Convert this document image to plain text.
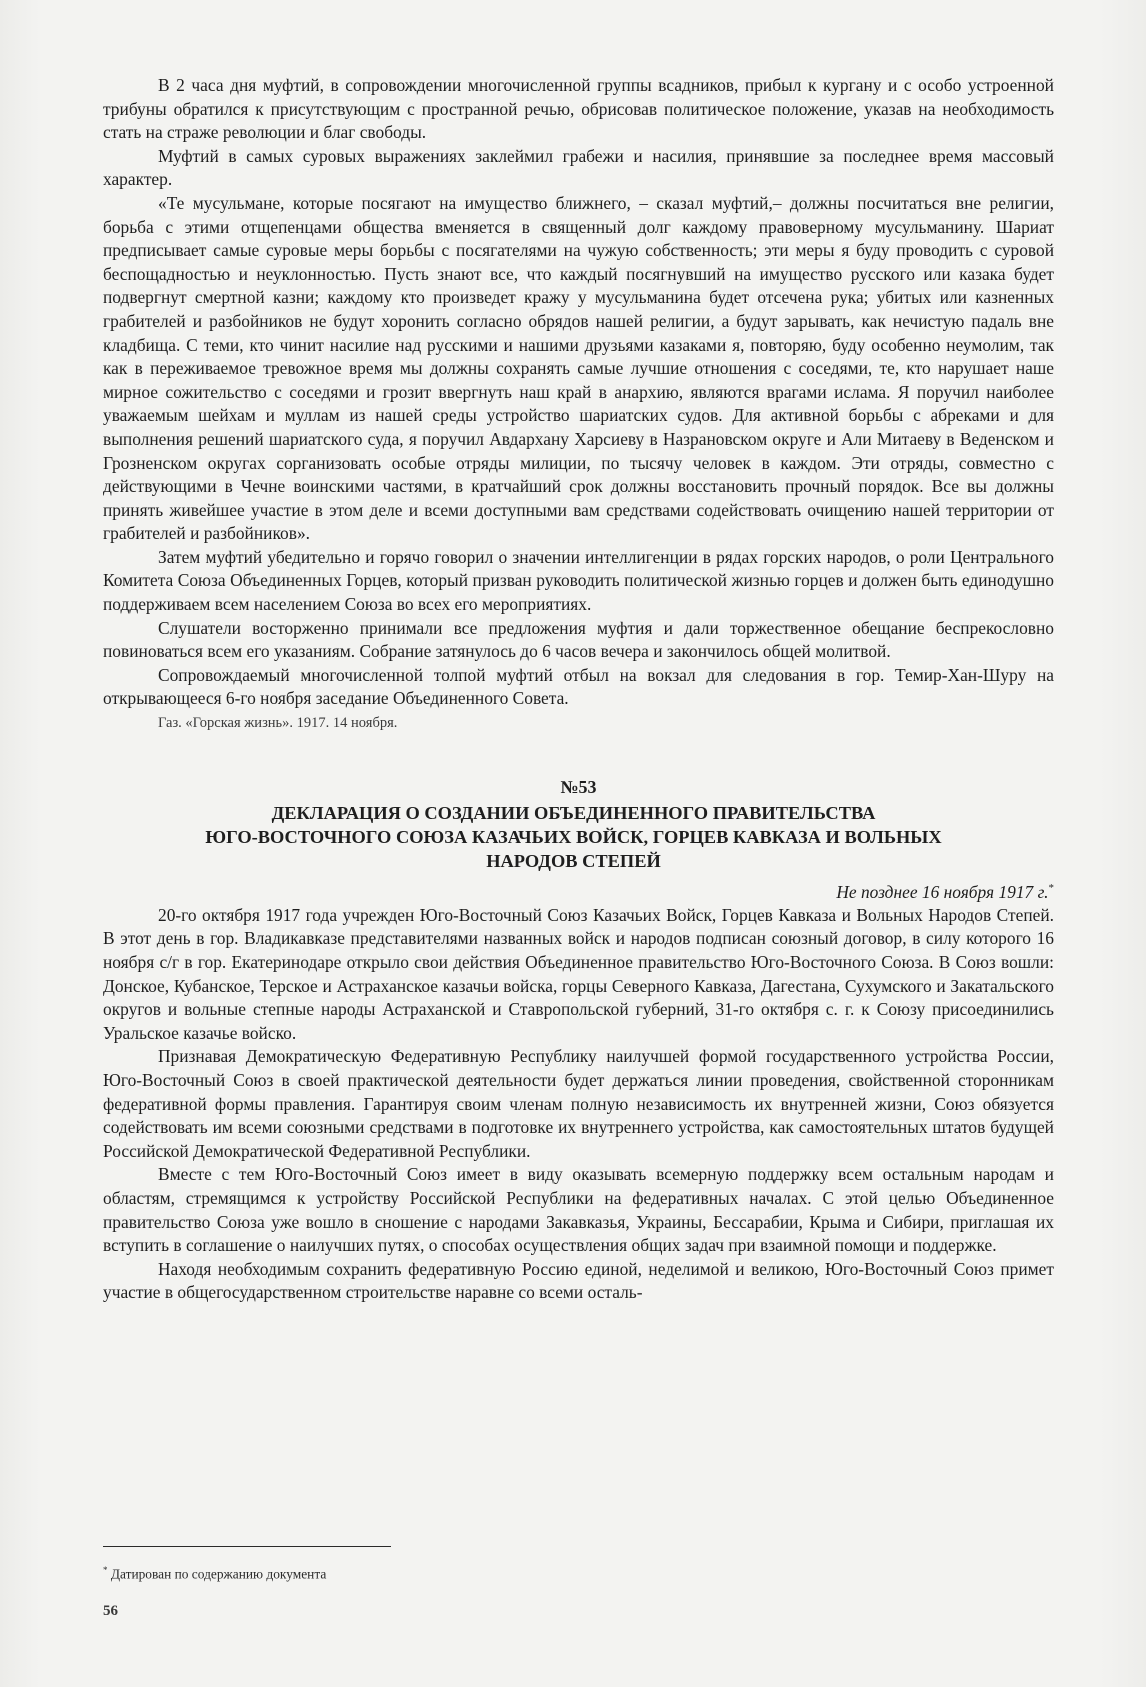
В 2 часа дня муфтий, в сопровождении многочисленной группы всадников, прибыл к кургану и с особо устроенной трибуны обратился к присутствующим с пространной речью, обрисовав политическое положение, указав на необходимость стать на страже революции и благ свободы.

Муфтий в самых суровых выражениях заклеймил грабежи и насилия, принявшие за последнее время массовый характер.

«Те мусульмане, которые посягают на имущество ближнего, – сказал муфтий,– должны посчитаться вне религии, борьба с этими отщепенцами общества вменяется в священный долг каждому правоверному мусульманину. Шариат предписывает самые суровые меры борьбы с посягателями на чужую собственность; эти меры я буду проводить с суровой беспощадностью и неуклонностью. Пусть знают все, что каждый посягнувший на имущество русского или казака будет подвергнут смертной казни; каждому кто произведет кражу у мусульманина будет отсечена рука; убитых или казненных грабителей и разбойников не будут хоронить согласно обрядов нашей религии, а будут зарывать, как нечистую падаль вне кладбища. С теми, кто чинит насилие над русскими и нашими друзьями казаками я, повторяю, буду особенно неумолим, так как в переживаемое тревожное время мы должны сохранять самые лучшие отношения с соседями, те, кто нарушает наше мирное сожительство с соседями и грозит ввергнуть наш край в анархию, являются врагами ислама. Я поручил наиболее уважаемым шейхам и муллам из нашей среды устройство шариатских судов. Для активной борьбы с абреками и для выполнения решений шариатского суда, я поручил Авдархану Харсиеву в Назрановском округе и Али Митаеву в Веденском и Грозненском округах сорганизовать особые отряды милиции, по тысячу человек в каждом. Эти отряды, совместно с действующими в Чечне воинскими частями, в кратчайший срок должны восстановить прочный порядок. Все вы должны принять живейшее участие в этом деле и всеми доступными вам средствами содействовать очищению нашей территории от грабителей и разбойников».

Затем муфтий убедительно и горячо говорил о значении интеллигенции в рядах горских народов, о роли Центрального Комитета Союза Объединенных Горцев, который призван руководить политической жизнью горцев и должен быть единодушно поддерживаем всем населением Союза во всех его мероприятиях.

Слушатели восторженно принимали все предложения муфтия и дали торжественное обещание беспрекословно повиноваться всем его указаниям. Собрание затянулось до 6 часов вечера и закончилось общей молитвой.

Сопровождаемый многочисленной толпой муфтий отбыл на вокзал для следования в гор. Темир-Хан-Шуру на открывающееся 6-го ноября заседание Объединенного Совета.

Газ. «Горская жизнь». 1917. 14 ноября.
№53
ДЕКЛАРАЦИЯ О СОЗДАНИИ ОБЪЕДИНЕННОГО ПРАВИТЕЛЬСТВА
ЮГО-ВОСТОЧНОГО СОЮЗА КАЗАЧЬИХ ВОЙСК, ГОРЦЕВ КАВКАЗА И ВОЛЬНЫХ
НАРОДОВ СТЕПЕЙ
Не позднее 16 ноября 1917 г.*

20-го октября 1917 года учрежден Юго-Восточный Союз Казачьих Войск, Горцев Кавказа и Вольных Народов Степей. В этот день в гор. Владикавказе представителями названных войск и народов подписан союзный договор, в силу которого 16 ноября с/г в гор. Екатеринодаре открыло свои действия Объединенное правительство Юго-Восточного Союза. В Союз вошли: Донское, Кубанское, Терское и Астраханское казачьи войска, горцы Северного Кавказа, Дагестана, Сухумского и Закатальского округов и вольные степные народы Астраханской и Ставропольской губерний, 31-го октября с. г. к Союзу присоединились Уральское казачье войско.

Признавая Демократическую Федеративную Республику наилучшей формой государственного устройства России, Юго-Восточный Союз в своей практической деятельности будет держаться линии проведения, свойственной сторонникам федеративной формы правления. Гарантируя своим членам полную независимость их внутренней жизни, Союз обязуется содействовать им всеми союзными средствами в подготовке их внутреннего устройства, как самостоятельных штатов будущей Российской Демократической Федеративной Республики.

Вместе с тем Юго-Восточный Союз имеет в виду оказывать всемерную поддержку всем остальным народам и областям, стремящимся к устройству Российской Республики на федеративных началах. С этой целью Объединенное правительство Союза уже вошло в сношение с народами Закавказья, Украины, Бессарабии, Крыма и Сибири, приглашая их вступить в соглашение о наилучших путях, о способах осуществления общих задач при взаимной помощи и поддержке.

Находя необходимым сохранить федеративную Россию единой, неделимой и великою, Юго-Восточный Союз примет участие в общегосударственном строительстве наравне со всеми осталь-

* Датирован по содержанию документа
56
